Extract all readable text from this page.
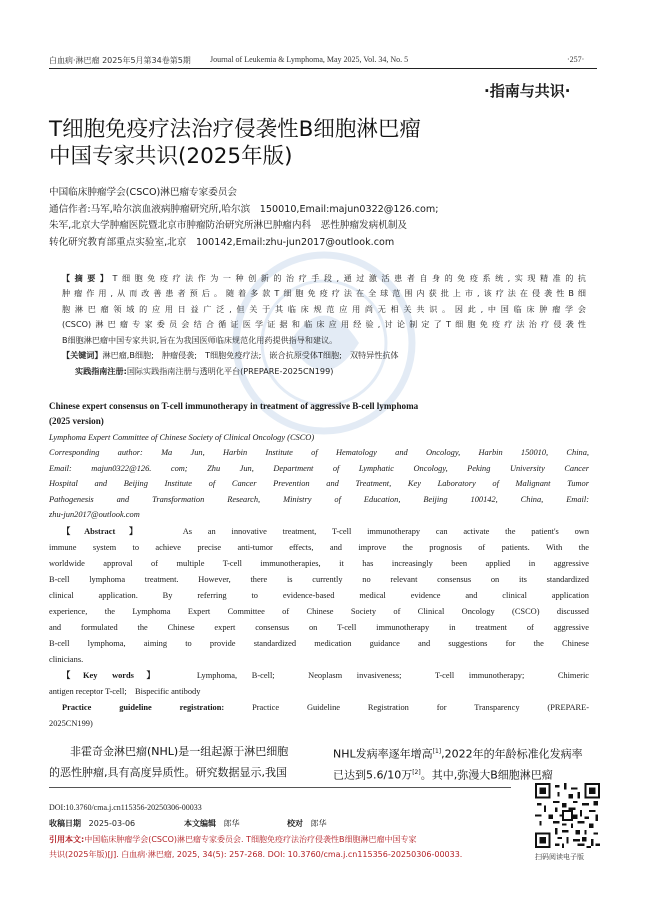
白血病·淋巴瘤 2025年5月第34卷第5期 Journal of Leukemia & Lymphoma, May 2025, Vol. 34, No. 5	·257·
·指南与共识·
T细胞免疫疗法治疗侵袭性B细胞淋巴瘤
中国专家共识(2025年版)
中国临床肿瘤学会(CSCO)淋巴瘤专家委员会
通信作者:马军,哈尔滨血液病肿瘤研究所,哈尔滨　150010,Email:majun0322@126.com;
朱军,北京大学肿瘤医院暨北京市肿瘤防治研究所淋巴肿瘤内科　恶性肿瘤发病机制及
转化研究教育部重点实验室,北京　100142,Email:zhu-jun2017@outlook.com
【摘要】T细胞免疫疗法作为一种创新的治疗手段,通过激活患者自身的免疫系统,实现精准的抗
肿瘤作用,从而改善患者预后。随着多款T细胞免疫疗法在全球范围内获批上市,该疗法在侵袭性B细
胞淋巴瘤领域的应用日益广泛,但关于其临床规范应用尚无相关共识。因此,中国临床肿瘤学会
(CSCO)淋巴瘤专家委员会结合循证医学证据和临床应用经验,讨论制定了T细胞免疫疗法治疗侵袭性
B细胞淋巴瘤中国专家共识,旨在为我国医师临床规范化用药提供指导和建议。
【关键词】淋巴瘤,B细胞;　肿瘤侵袭;　T细胞免疫疗法;　嵌合抗原受体T细胞;　双特异性抗体
实践指南注册:国际实践指南注册与透明化平台(PREPARE-2025CN199)
Chinese expert consensus on T-cell immunotherapy in treatment of aggressive B-cell lymphoma
(2025 version)
Lymphoma Expert Committee of Chinese Society of Clinical Oncology (CSCO)
Corresponding author: Ma Jun, Harbin Institute of Hematology and Oncology, Harbin 150010, China,
Email: majun0322@126. com; Zhu Jun, Department of Lymphatic Oncology, Peking University Cancer
Hospital and Beijing Institute of Cancer Prevention and Treatment, Key Laboratory of Malignant Tumor
Pathogenesis and Transformation Research, Ministry of Education, Beijing 100142, China, Email:
zhu-jun2017@outlook.com
【Abstract】	As an innovative treatment, T-cell immunotherapy can activate the patient's own
immune system to achieve precise anti-tumor effects, and improve the prognosis of patients. With the
worldwide approval of multiple T-cell immunotherapies, it has increasingly been applied in aggressive
B-cell lymphoma treatment. However, there is currently no relevant consensus on its standardized
clinical application. By referring to evidence-based medical evidence and clinical application
experience, the Lymphoma Expert Committee of Chinese Society of Clinical Oncology (CSCO) discussed
and formulated the Chinese expert consensus on T-cell immunotherapy in treatment of aggressive
B-cell lymphoma, aiming to provide standardized medication guidance and suggestions for the Chinese
clinicians.
【Key words】	Lymphoma, B-cell;　Neoplasm invasiveness;　T-cell immunotherapy;　Chimeric
antigen receptor T-cell;　Bispecific antibody
Practice guideline registration:	Practice Guideline Registration for Transparency (PREPARE-
2025CN199)
非霍奇金淋巴瘤(NHL)是一组起源于淋巴细胞
的恶性肿瘤,具有高度异质性。研究数据显示,我国
NHL发病率逐年增高[1],2022年的年龄标准化发病率
已达到5.6/10万[2]。其中,弥漫大B细胞淋巴瘤
DOI:10.3760/cma.j.cn115356-20250306-00033
收稿日期 2025-03-06	本文编辑 郎华	校对 郎华
引用本文:中国临床肿瘤学会(CSCO)淋巴瘤专家委员会. T细胞免疫疗法治疗侵袭性B细胞淋巴瘤中国专家
共识(2025年版)[J]. 白血病·淋巴瘤, 2025, 34(5): 257-268. DOI: 10.3760/cma.j.cn115356-20250306-00033.	扫码阅读电子版
